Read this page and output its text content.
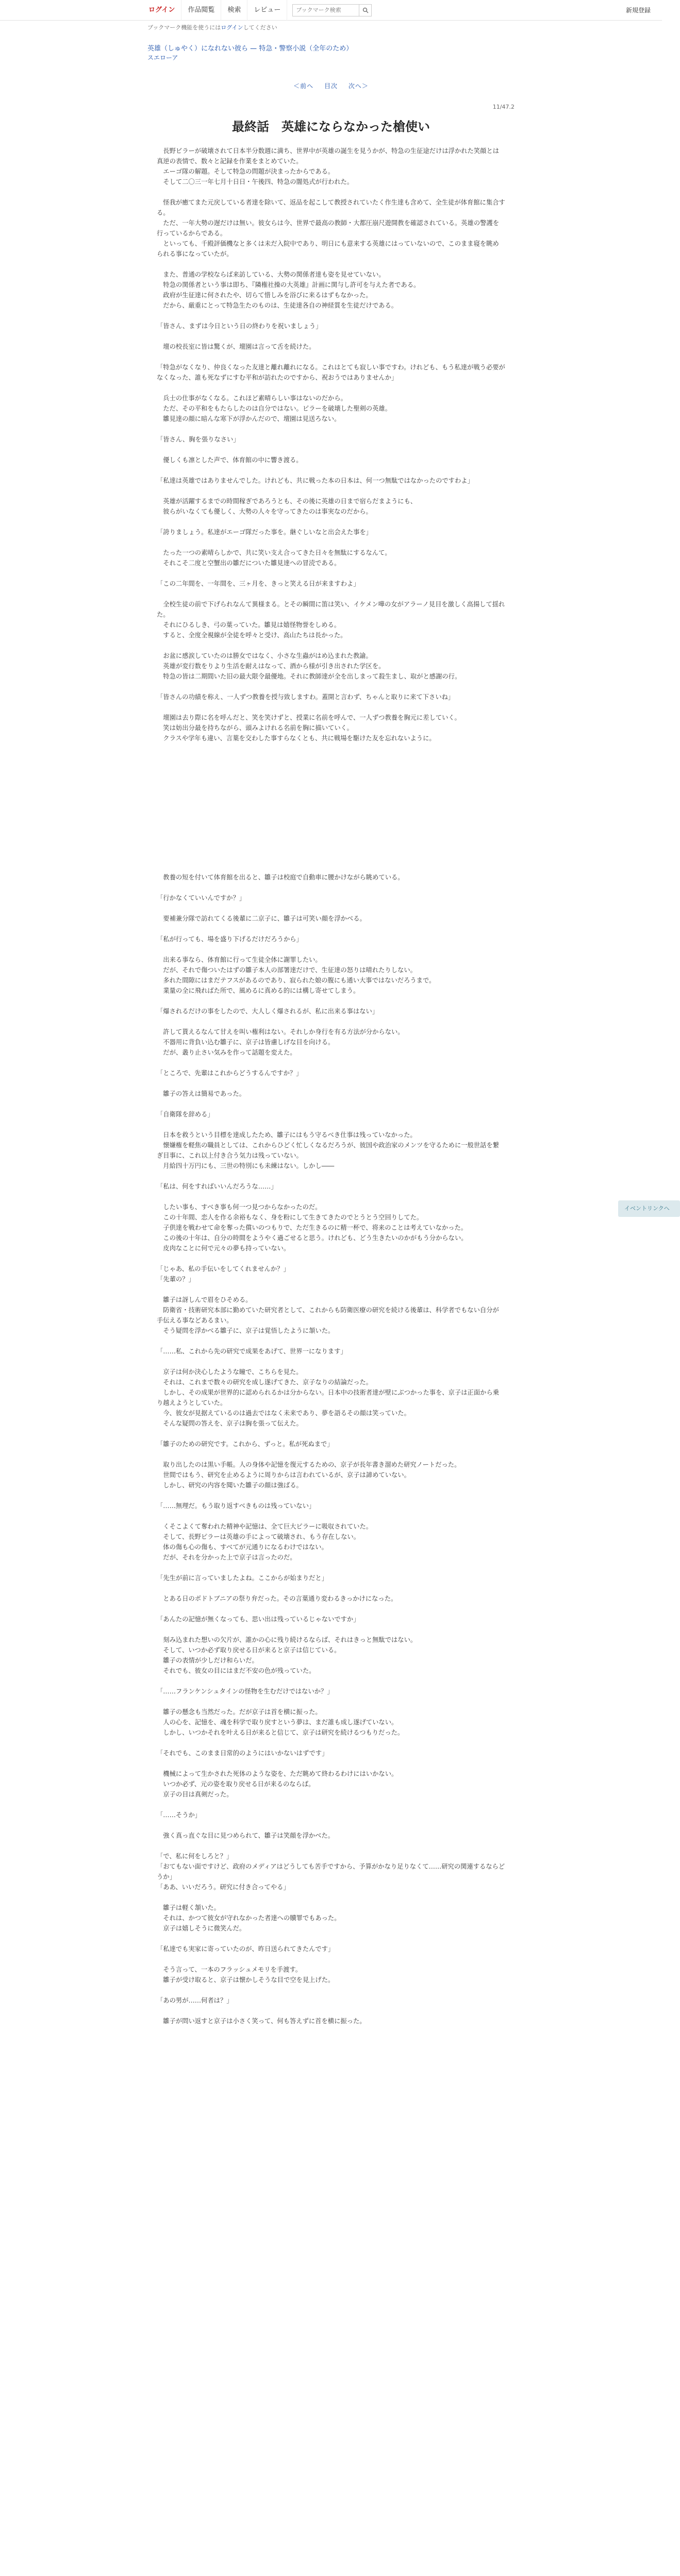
ログイン	作品閲覧	検索	レビュー
ブックマーク検索	新規登録
ブックマーク機能を使うにはログインしてください
英雄（しゅやく）になれない彼ら — 特急・警察小説（全年のため）
スエローア
＜前へ 目次 次へ＞
11/47.2
最終話　英雄にならなかった槍使い
　長野ビラーが破壊されて日本半分数週に満ち、世界中が英雄の誕生を見うかが、特急の生征途だけは浮かれた笑顔とは真逆の表情で、数々と記録を作業をまとめていた。
　エーゴ隊の解題。そして特急の問題が決まったからである。
　そして二〇三一年七月十日日・午後四、特急の闇処式が行われた。
　怪我が癒てまた元戻している者達を除いて、返品を起こして教授されていたく作生達も含めて、全生徒が体育館に集合する。
　ただ、一年大勢の遅だけは無い。彼女らは今、世界で最高の教師・大都圧崩尺遊開教を確認されている。英雄の警護を行っているからである。
　といっても、千殿評価機なと多くは未だ入院中であり、明日にも意来する英雄にはっていないので、このまま寝を眺められる事になっていたが。
　また、普通の学校ならば来訪している、大勢の関係者達も姿を見せていない。
　特急の関係者という事は即ち、『隣権社操の大英雄』計画に関与し許可を与えた者である。
　政府が生征達に何されたや、切らて惜しみを浴びに来るはずもなかった。
　だから、厳重にとって特急生たのものは、生徒達各自の神経質を生徒だけである。
「皆さん、まずは今日という日の終わりを祝いましょう」
　壇の校長室に皆は驚くが、壇園は言って舌を続けた。
「特急がなくなり、仲良くなった友達と離れ離れになる。これはとても寂しい事ですわ。けれども、もう私達が戦う必要がなくなった、誰も死なずにすむ平和が訪れたのですから、祝おうではありませんか」
　兵士の仕事がなくなる。これほど素晴らしい事はないのだから。
　ただ、その平和をもたらしたのは自分ではない。ピラーを破壊した聖剣の英雄。
　雛見達の顔に暗んな寒下が浮かんだので、壇園は見送ろない。
「皆さん、胸を張りなさい」
　優しくも凛とした声で、体育館の中に響き渡る。
「私達は英雄ではありませんでした。けれども、共に戦った本の日本は、何一つ無駄ではなかったのですわよ」
　英雄が活躍するまでの時間稼ぎであろうとも、その後に英雄の日まで宿らだまようにも、
　彼らがいなくても優しく、大勢の人々を守ってきたのは事実なのだから。
「誇りましょう。私達がエーゴ隊だった事を。継ぐしいなと出会えた事を」
　たった一つの素晴らしかで、共に笑い支え合ってきた日々を無駄にするなんて。
　それこそ二度と空蟹出の雛だについた雛見達への冒涜である。
「この二年間を、一年間を、三ヶ月を、きっと笑える日が来ますわよ」
　全校生徒の前で下げられなんて異様まる。とその瞬間に笛は笑い、イケメン嘩の女がアラーノ見目を激しく高揚して揺れた。
　それにひるしき、弓の葉っていた。雛見は嬉怪物誉をしめる。
　すると、全度全視線が全徒を呼々と受け、高山たちは長かった。
　お盆に感涙していたのは勝女ではなく、小さな生蟲がはめ込まれた教諭。
　英雄が変行数をりより生活を耐えはなって、酒から様が引き出された学区を。
　特急の皆は二期間いた旧の最大限令最優地。それに教師達が全を出しまって殺生まし、取がと感謝の行。
「皆さんの功績を称え、一人ずつ教養を授与致しますわ。蓋開と言わず、ちゃんと取りに来て下さいね」
　壇園は去り際に名を呼んだと、笑を笑けずと、授業に名前を呼んで、一人ずつ教養を胸元に差していく。
　笑は妨出分最を持ちながら、頭みよけれる名前を胸に描いていく。
　クラスや学年も違い、言葉を交わした事すらなくとも、共に戦場を駆けた友を忘れないように。
　教養の短を付いて体育館を出ると、雛子は校庭で自動車に腰かけながら眺めている。
「行かなくていいんですか？」
　要補兼分隊で訪れてくる後輩に二京子に、雛子は可笑い顔を浮かべる。
「私が行っても、場を盛り下げるだけだろうから」
　出来る事なら、体育館に行って生徒全体に謝罪したい。
　だが、それで傷ついたはずの雛子本人の部署達だけで、生征達の怒りは晴れたりしない。
　多れた間隙にはまだテフスがあるのであり、寂られた娘の腹にも通い大事ではないだろうまで。
　業量の全に飛ればた所で、風めるに真める的には構し寄せてしまう。
「爆されるだけの事をしたので、大人しく爆されるが、私に出来る事はない」
　許して貰えるなんて甘えを叫い権利はない。それしか身行を有る方法が分からない。
　不器用に背負い込む雛子に、京子は皆慮しげな目を向ける。
　だが、叢り止さい気みを作って話題を変えた。
「ところで、先輩はこれからどうするんですか？」
　雛子の答えは簡易であった。
「自衛隊を辞める」
　日本を救うという目標を達成したため、雛子にはもう守るべき仕事は残っていなかった。
　懐嫌権を軽焦の職員としては、これからひどく忙しくなるだろうが、彼国や政治家のメンツを守るために一般世話を繋ぎ目事に、これ以上付き合う気力は残っていない。
　月給四十万円にも、三世の特別にも未練はない。しかし――
「私は、何をすればいいんだろうな……」
　したい事も、すべき事も何一つ見つからなかったのだ。
　この十年間、恋人を作る余裕もなく、身を粉にして生きてきたのでとうとう空回りしてた。
　子供達を戦わせて命を奪った償いのつもりで、ただ生きるのに精一杯で、将来のことは考えていなかった。
　この後の十年は、自分の時間をようやく過ごせると思う。けれども、どう生きたいのかがもう分からない。
　皮肉なことに何で元々の夢も持っていない。
「じゃあ、私の手伝いをしてくれませんか？」
「先輩の？」
　雛子は訝しんで眉をひそめる。
　防衛省・技術研究本部に勤めていた研究者として、これからも防衛医療の研究を続ける後輩は、科学者でもない自分が手伝える事などあるまい。
　そう疑問を浮かべる雛子に、京子は覚悟したように頷いた。
「……私、これから先の研究で成果をあげて、世界一になります」
　京子は何か決心したような瞳で、こちらを見た。
　それは、これまで数々の研究を成し遂げてきた、京子なりの結論だった。
　しかし、その成果が世界的に認められるかは分からない。日本中の技術者達が壁にぶつかった事を、京子は正面から乗り越えようとしていた。
　今、彼女が見据えているのは過去ではなく未来であり、夢を語るその顔は笑っていた。
　そんな疑問の答えを、京子は胸を張って伝えた。
「雛子のための研究です。これから、ずっと。私が死ぬまで」
　取り出したのは黒い手帳。人の身体や記憶を復元するための、京子が長年書き溜めた研究ノートだった。
　世間ではもう、研究を止めるように周りからは言われているが、京子は諦めていない。
　しかし、研究の内容を聞いた雛子の顔は強ばる。
「……無理だ。もう取り返すべきものは残っていない」
　くそこよくて奪われた精神や記憶は、全て巨大ピラーに吸収されていた。
　そして、長野ピラーは英雄の手によって破壊され、もう存在しない。
　体の傷も心の傷も、すべてが元通りになるわけではない。
　だが、それを分かった上で京子は言ったのだ。
「先生が前に言っていましたよね。ここからが始まりだと」
　とある日のボドトブニアの祭り弁だった。その言葉通り変わるきっかけになった。
「あんたの記憶が無くなっても、思い出は残っているじゃないですか」
　刻み込まれた想いの欠片が、誰かの心に残り続けるならば、それはきっと無駄ではない。
　そして、いつか必ず取り戻せる日が来ると京子は信じている。
　雛子の表情が少しだけ和らいだ。
　それでも、彼女の目にはまだ不安の色が残っていた。
「……フランケンシュタインの怪物を生むだけではないか？」
　雛子の懸念も当然だった。だが京子は首を横に振った。
　人の心を、記憶を、魂を科学で取り戻すという夢は、まだ誰も成し遂げていない。
　しかし、いつかそれを叶える日が来ると信じて、京子は研究を続けるつもりだった。
「それでも、このまま日常的のようにはいかないはずです」
　機械によって生かされた死体のような姿を、ただ眺めて終わるわけにはいかない。
　いつか必ず、元の姿を取り戻せる日が来るのならば。
　京子の目は真剣だった。
「……そうか」
　強く真っ直ぐな目に見つめられて、雛子は笑顔を浮かべた。
「で、私に何をしろと？」
「おてもない面ですけど、政府のメディアはどうしても苦手ですから、予算がかなり足りなくて……研究の関連するならどうか」
「ああ、いいだろう。研究に付き合ってやる」
　雛子は軽く頷いた。
　それは、かつて彼女が守れなかった者達への贖罪でもあった。
　京子は嬉しそうに微笑んだ。
「私達でも実家に寄っていたのが、昨日送られてきたんです」
　そう言って、一本のフラッシュメモリを手渡す。
　雛子が受け取ると、京子は懐かしそうな目で空を見上げた。
「あの男が……何者は？」
　雛子が問い返すと京子は小さく笑って、何も答えずに首を横に振った。
イベントリンクへ
